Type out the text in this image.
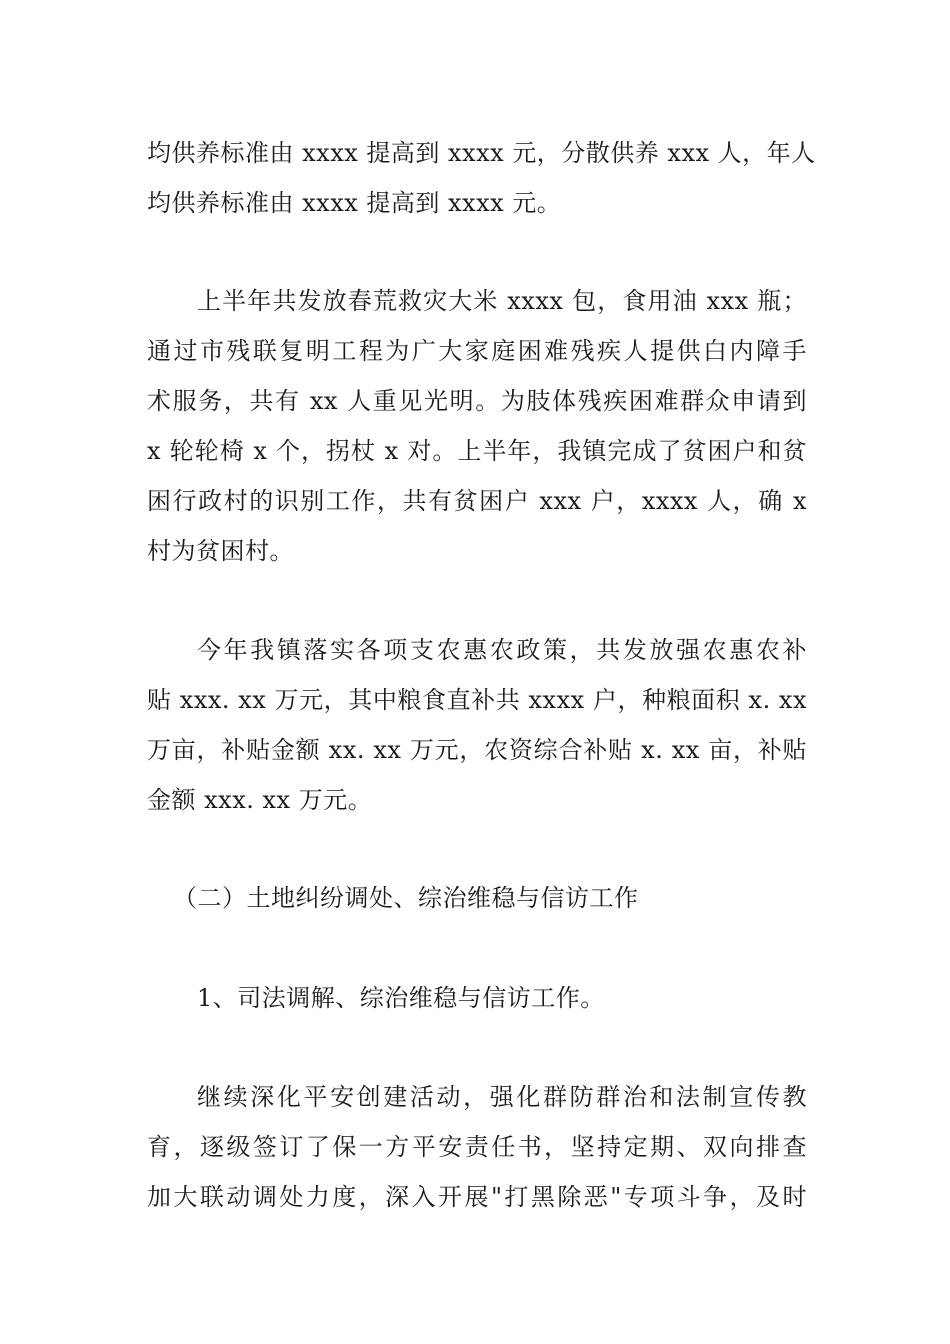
均供养标准由 xxxx 提高到 xxxx 元，分散供养 xxx 人，年人
均供养标准由 xxxx 提高到 xxxx 元。
上半年共发放春荒救灾大米 xxxx 包，食用油 xxx 瓶；
通过市残联复明工程为广大家庭困难残疾人提供白内障手
术服务，共有 xx 人重见光明。为肢体残疾困难群众申请到
x 轮轮椅 x 个，拐杖 x 对。上半年，我镇完成了贫困户和贫
困行政村的识别工作，共有贫困户 xxx 户，xxxx 人，确 x
村为贫困村。
今年我镇落实各项支农惠农政策，共发放强农惠农补
贴 xxx. xx 万元，其中粮食直补共 xxxx 户，种粮面积 x. xx
万亩，补贴金额 xx. xx 万元，农资综合补贴 x. xx 亩，补贴
金额 xxx. xx 万元。
（二）土地纠纷调处、综治维稳与信访工作
1、司法调解、综治维稳与信访工作。
继续深化平安创建活动，强化群防群治和法制宣传教
育，逐级签订了保一方平安责任书，坚持定期、双向排查
加大联动调处力度，深入开展"打黑除恶"专项斗争，及时
